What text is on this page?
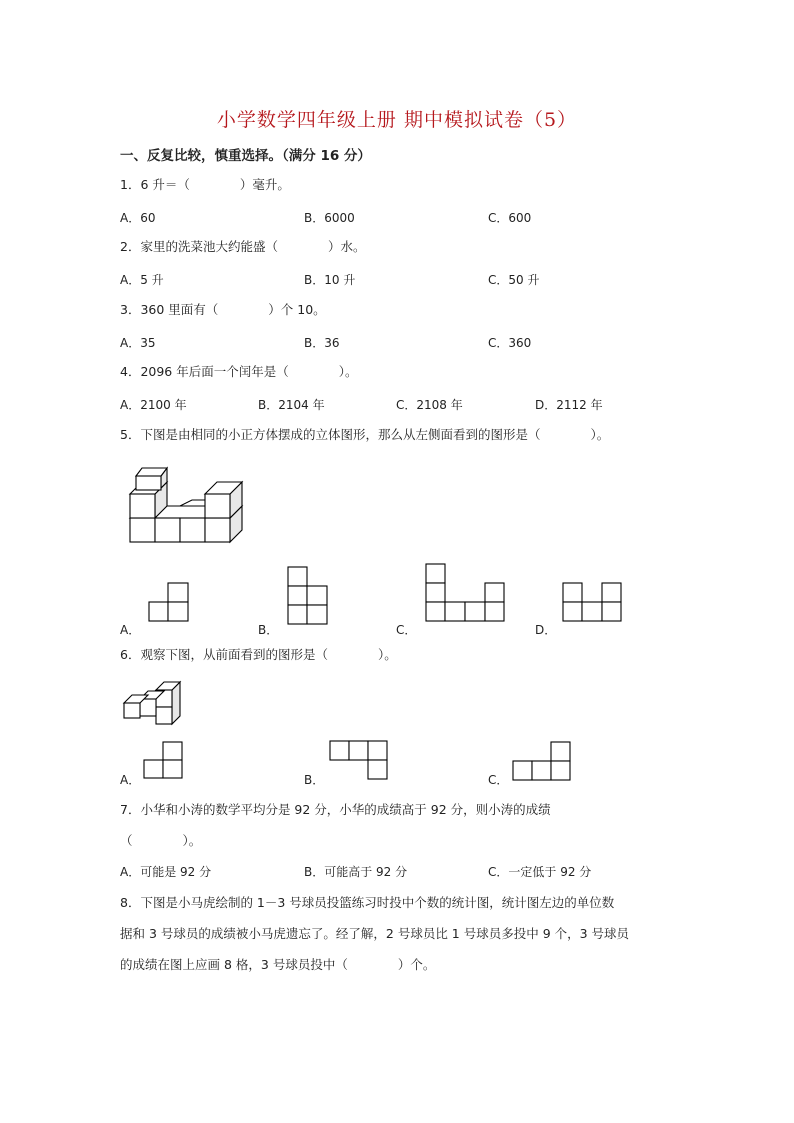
小学数学四年级上册 期中模拟试卷（5）
一、反复比较，慎重选择。（满分 16 分）
1．6 升＝（　　　　）毫升。
A．60	B．6000	C．600
2．家里的洗菜池大约能盛（　　　　）水。
A．5 升	B．10 升	C．50 升
3．360 里面有（　　　　）个 10。
A．35	B．36	C．360
4．2096 年后面一个闰年是（　　　　）。
A．2100 年	B．2104 年	C．2108 年	D．2112 年
5．下图是由相同的小正方体摆成的立体图形，那么从左侧面看到的图形是（　　　　）。
A．	B．	C．	D．
6．观察下图，从前面看到的图形是（　　　　）。
A．	B．	C．
7．小华和小涛的数学平均分是 92 分，小华的成绩高于 92 分，则小涛的成绩
（　　　　）。
A．可能是 92 分	B．可能高于 92 分	C．一定低于 92 分
8．下图是小马虎绘制的 1－3 号球员投篮练习时投中个数的统计图，统计图左边的单位数
据和 3 号球员的成绩被小马虎遗忘了。经了解，2 号球员比 1 号球员多投中 9 个，3 号球员
的成绩在图上应画 8 格，3 号球员投中（　　　　）个。
